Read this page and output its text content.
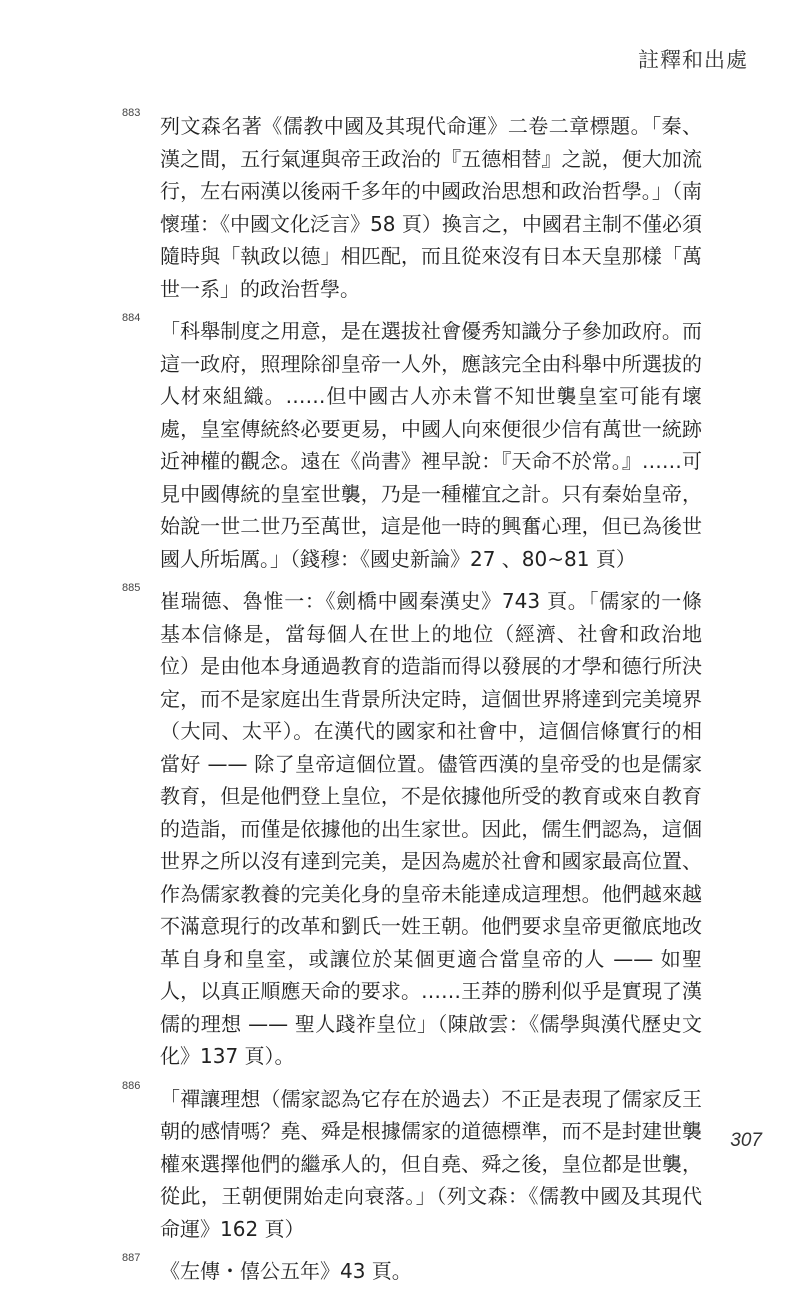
註釋和出處
883

列文森名著《儒教中國及其現代命運》二卷二章標題。「秦、漢之間，五行氣運與帝王政治的『五德相替』之説，便大加流行，左右兩漢以後兩千多年的中國政治思想和政治哲學。」（南懷瑾：《中國文化泛言》58 頁）換言之，中國君主制不僅必須隨時與「執政以德」相匹配，而且從來沒有日本天皇那樣「萬世一系」的政治哲學。

884

「科舉制度之用意，是在選拔社會優秀知識分子參加政府。而這一政府，照理除卻皇帝一人外，應該完全由科舉中所選拔的人材來組織。……但中國古人亦未嘗不知世襲皇室可能有壞處，皇室傳統終必要更易，中國人向來便很少信有萬世一統跡近神權的觀念。遠在《尚書》裡早說：『天命不於常。』……可見中國傳統的皇室世襲，乃是一種權宜之計。只有秦始皇帝，始說一世二世乃至萬世，這是他一時的興奮心理，但已為後世國人所垢厲。」（錢穆：《國史新論》27 、80~81 頁）

885

崔瑞德、魯惟一：《劍橋中國秦漢史》743 頁。「儒家的一條基本信條是，當每個人在世上的地位（經濟、社會和政治地位）是由他本身通過教育的造詣而得以發展的才學和德行所決定，而不是家庭出生背景所決定時，這個世界將達到完美境界（大同、太平）。在漢代的國家和社會中，這個信條實行的相當好 —— 除了皇帝這個位置。儘管西漢的皇帝受的也是儒家教育，但是他們登上皇位，不是依據他所受的教育或來自教育的造詣，而僅是依據他的出生家世。因此，儒生們認為，這個世界之所以沒有達到完美，是因為處於社會和國家最高位置、作為儒家教養的完美化身的皇帝未能達成這理想。他們越來越不滿意現行的改革和劉氏一姓王朝。他們要求皇帝更徹底地改革自身和皇室，或讓位於某個更適合當皇帝的人 —— 如聖人，以真正順應天命的要求。……王莽的勝利似乎是實現了漢儒的理想 —— 聖人踐祚皇位」（陳啟雲：《儒學與漢代歷史文化》137 頁）。

886

「禪讓理想（儒家認為它存在於過去）不正是表現了儒家反王朝的感情嗎？堯、舜是根據儒家的道德標準，而不是封建世襲權來選擇他們的繼承人的，但自堯、舜之後，皇位都是世襲，從此，王朝便開始走向衰落。」（列文森：《儒教中國及其現代命運》162 頁）

887

《左傳・僖公五年》43 頁。

307
